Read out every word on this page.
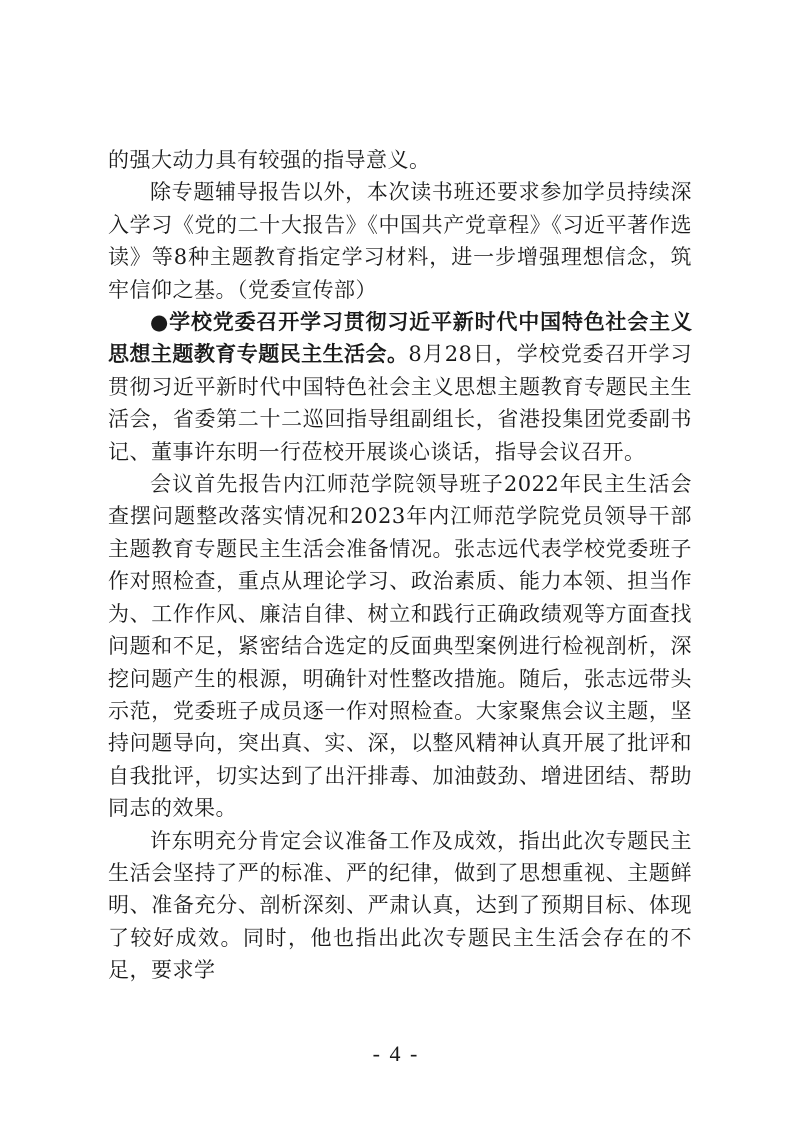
的强大动力具有较强的指导意义。

除专题辅导报告以外，本次读书班还要求参加学员持续深入学习《党的二十大报告》《中国共产党章程》《习近平著作选读》等8种主题教育指定学习材料，进一步增强理想信念，筑牢信仰之基。（党委宣传部）

●学校党委召开学习贯彻习近平新时代中国特色社会主义思想主题教育专题民主生活会。8月28日，学校党委召开学习贯彻习近平新时代中国特色社会主义思想主题教育专题民主生活会，省委第二十二巡回指导组副组长，省港投集团党委副书记、董事许东明一行莅校开展谈心谈话，指导会议召开。

会议首先报告内江师范学院领导班子2022年民主生活会查摆问题整改落实情况和2023年内江师范学院党员领导干部主题教育专题民主生活会准备情况。张志远代表学校党委班子作对照检查，重点从理论学习、政治素质、能力本领、担当作为、工作作风、廉洁自律、树立和践行正确政绩观等方面查找问题和不足，紧密结合选定的反面典型案例进行检视剖析，深挖问题产生的根源，明确针对性整改措施。随后，张志远带头示范，党委班子成员逐一作对照检查。大家聚焦会议主题，坚持问题导向，突出真、实、深，以整风精神认真开展了批评和自我批评，切实达到了出汗排毒、加油鼓劲、增进团结、帮助同志的效果。

许东明充分肯定会议准备工作及成效，指出此次专题民主生活会坚持了严的标准、严的纪律，做到了思想重视、主题鲜明、准备充分、剖析深刻、严肃认真，达到了预期目标、体现了较好成效。同时，他也指出此次专题民主生活会存在的不足，要求学

- 4 -
